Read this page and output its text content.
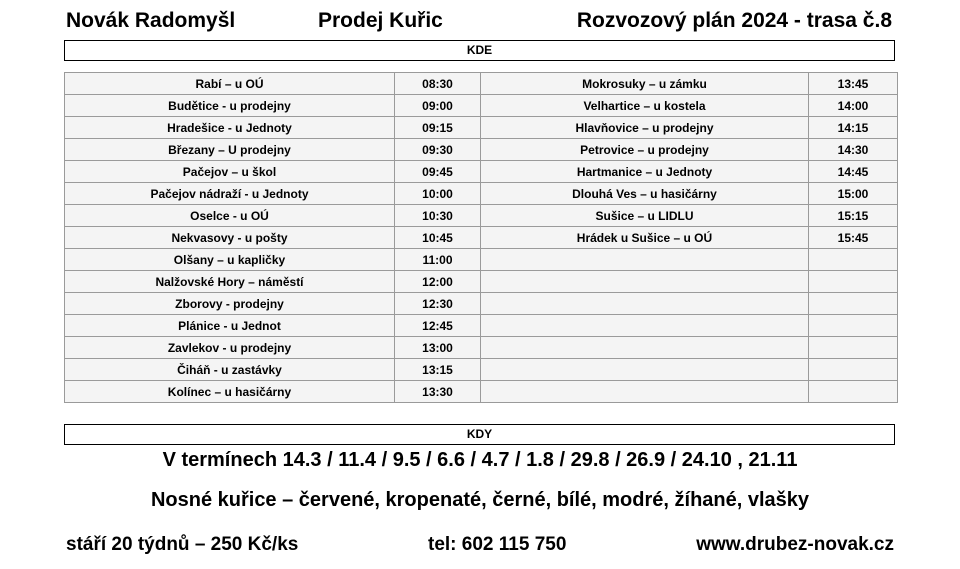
Novák Radomyšl	Prodej Kuřic	Rozvozový plán 2024 - trasa č.8
KDE
Rabí – u OÚ	08:30	Mokrosuky – u zámku	13:45
Budětice - u prodejny	09:00	Velhartice – u kostela	14:00
Hradešice - u Jednoty	09:15	Hlavňovice – u prodejny	14:15
Březany – U prodejny	09:30	Petrovice – u prodejny	14:30
Pačejov – u škol	09:45	Hartmanice – u Jednoty	14:45
Pačejov nádraží - u Jednoty	10:00	Dlouhá Ves – u hasičárny	15:00
Oselce - u OÚ	10:30	Sušice – u LIDLU	15:15
Nekvasovy - u pošty	10:45	Hrádek u Sušice – u OÚ	15:45
Olšany – u kapličky	11:00		
Nalžovské Hory – náměstí	12:00		
Zborovy - prodejny	12:30		
Plánice - u Jednot	12:45		
Zavlekov - u prodejny	13:00		
Čiháň - u zastávky	13:15		
Kolínec – u hasičárny	13:30		
KDY
V termínech 14.3 / 11.4 / 9.5 / 6.6 / 4.7 / 1.8 / 29.8 / 26.9 / 24.10 , 21.11
Nosné kuřice – červené, kropenaté, černé, bílé, modré, žíhané, vlašky
stáří 20 týdnů – 250 Kč/ks	tel: 602 115 750	www.drubez-novak.cz
